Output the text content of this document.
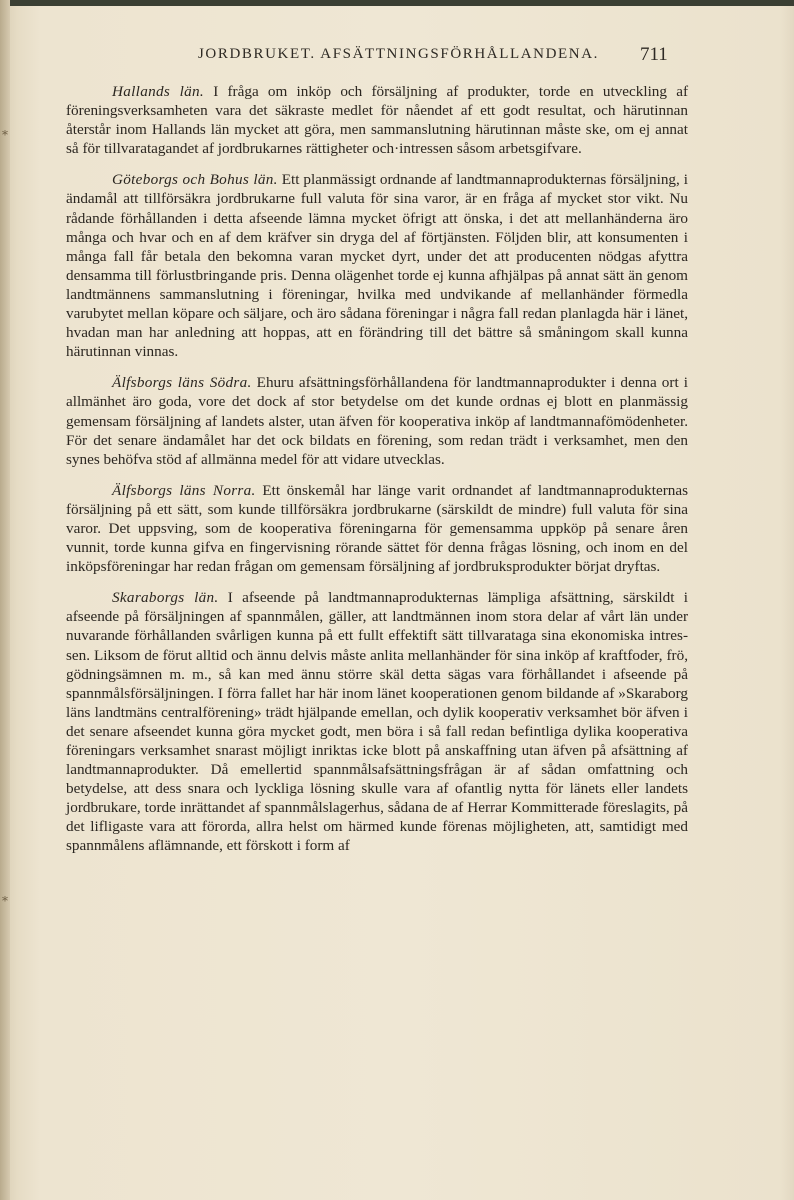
⁎
⁎
JORDBRUKET. AFSÄTTNINGSFÖRHÅLLANDENA. 711

Hallands län. I fråga om inköp och försäljning af produkter, torde en utveckling af föreningsverksamheten vara det säkraste medlet för nåendet af ett godt resultat, och härutinnan återstår inom Hallands län mycket att göra, men sammanslutning härutinnan måste ske, om ej annat så för tillvaratagandet af jordbrukarnes rättigheter och·intressen såsom arbetsgifvare.

Göteborgs och Bohus län. Ett planmässigt ordnande af landtmannaprodukternas försäljning, i ändamål att tillförsäkra jordbrukarne full valuta för sina varor, är en fråga af mycket stor vikt. Nu rådande förhållanden i detta afseende lämna mycket öfrigt att önska, i det att mellanhänderna äro många och hvar och en af dem kräfver sin dryga del af förtjänsten. Följden blir, att konsumenten i många fall får betala den bekomna varan mycket dyrt, under det att producenten nödgas afyttra densamma till förlustbringande pris. Denna olägenhet torde ej kunna afhjälpas på annat sätt än genom landtmännens sammanslutning i föreningar, hvilka med undvikande af mellanhänder förmedla varubytet mellan köpare och säljare, och äro sådana föreningar i några fall redan planlagda här i länet, hvadan man har anledning att hoppas, att en förändring till det bättre så småningom skall kunna härutinnan vinnas.

Älfsborgs läns Södra. Ehuru afsättningsförhållandena för landtmannaprodukter i denna ort i allmänhet äro goda, vore det dock af stor betydelse om det kunde ordnas ej blott en planmässig gemensam försäljning af landets alster, utan äfven för kooperativa inköp af landtmannafömödenheter. För det senare ändamålet har det ock bildats en förening, som redan trädt i verksamhet, men den synes behöfva stöd af allmänna medel för att vidare utvecklas.

Älfsborgs läns Norra. Ett önskemål har länge varit ordnandet af landtmannaprodukternas försäljning på ett sätt, som kunde tillförsäkra jordbrukarne (särskildt de mindre) full valuta för sina varor. Det uppsving, som de kooperativa föreningarna för gemensamma uppköp på senare åren vunnit, torde kunna gifva en fingervisning rörande sättet för denna frågas lösning, och inom en del inköpsföreningar har redan frågan om gemensam försäljning af jordbruksprodukter börjat dryftas.

Skaraborgs län. I afseende på landtmannaprodukternas lämpliga afsättning, särskildt i afseende på försäljningen af spannmålen, gäller, att landtmännen inom stora delar af vårt län under nuvarande förhållanden svårligen kunna på ett fullt effektift sätt tillvarataga sina ekonomiska intressen. Liksom de förut alltid och ännu delvis måste anlita mellanhänder för sina inköp af kraftfoder, frö, gödningsämnen m. m., så kan med ännu större skäl detta sägas vara förhållandet i afseende på spannmålsförsäljningen. I förra fallet har här inom länet kooperationen genom bildande af »Skaraborg läns landtmäns centralförening» trädt hjälpande emellan, och dylik kooperativ verksamhet bör äfven i det senare afseendet kunna göra mycket godt, men böra i så fall redan befintliga dylika kooperativa föreningars verksamhet snarast möjligt inriktas icke blott på anskaffning utan äfven på afsättning af landtmannaprodukter. Då emellertid spannmålsafsättningsfrågan är af sådan omfattning och betydelse, att dess snara och lyckliga lösning skulle vara af ofantlig nytta för länets eller landets jordbrukare, torde inrättandet af spannmålslagerhus, sådana de af Herrar Kommitterade föreslagits, på det lifligaste vara att förorda, allra helst om härmed kunde förenas möjligheten, att, samtidigt med spannmålens aflämnande, ett förskott i form af
